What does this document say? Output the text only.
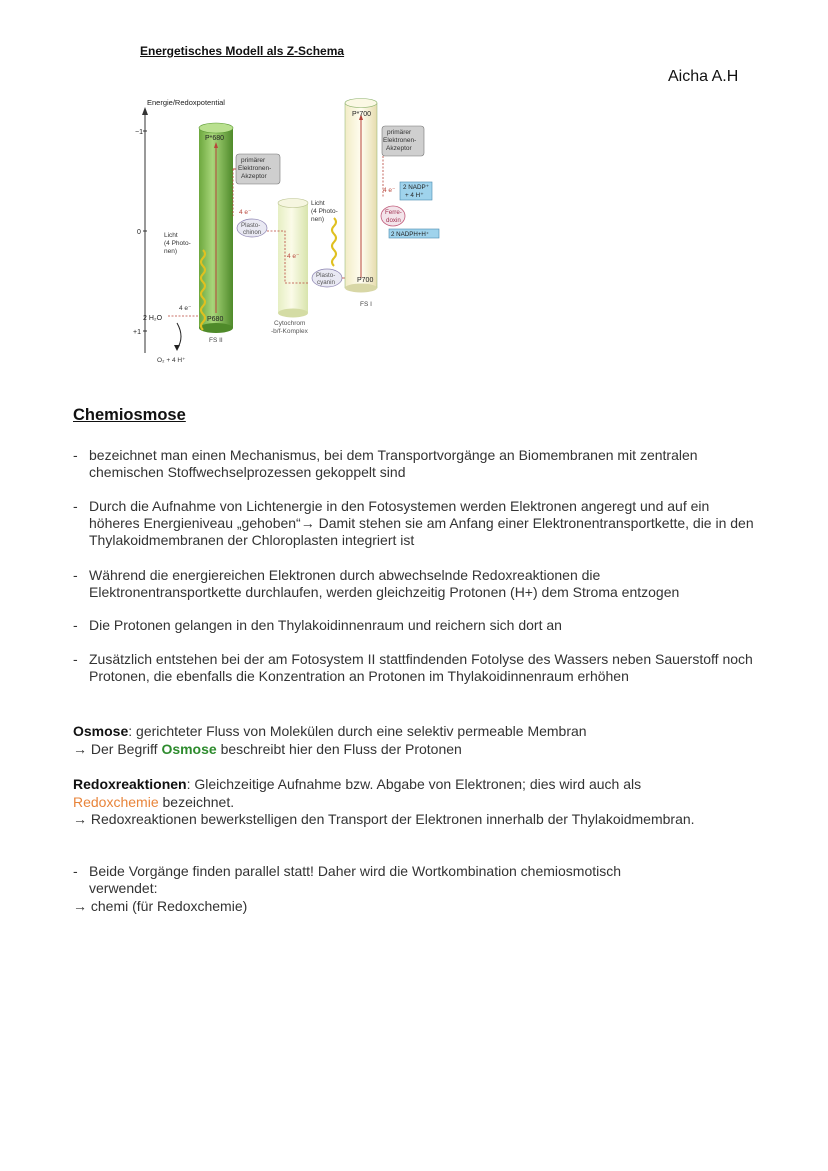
Energetisches Modell als Z-Schema
Aicha A.H
Energie/Redoxpotential
−1
0
+1
P*680
P680
FS II
primärer Elektronen- Akzeptor
Licht (4 Photo- nen)
4 e⁻
2 H₂O
O₂ + 4 H⁺
4 e⁻
Plasto- chinon
4 e⁻
Cytochrom -b/f-Komplex
Plasto- cyanin
Licht (4 Photo- nen)
P*700
P700
FS I
primärer Elektronen- Akzeptor
4 e⁻ 2 NADP⁺ + 4 H⁺
Ferre- doxin
2 NADPH+H⁺
Chemiosmose
- bezeichnet man einen Mechanismus, bei dem Transportvorgänge an Biomembranen mit zentralen chemischen Stoffwechselprozessen gekoppelt sind
- Durch die Aufnahme von Lichtenergie in den Fotosystemen werden Elektronen angeregt und auf ein höheres Energieniveau „gehoben“→ Damit stehen sie am Anfang einer Elektronentransportkette, die in den Thylakoidmembranen der Chloroplasten integriert ist
- Während die energiereichen Elektronen durch abwechselnde Redoxreaktionen die Elektronentransportkette durchlaufen, werden gleichzeitig Protonen (H+) dem Stroma entzogen
- Die Protonen gelangen in den Thylakoidinnenraum und reichern sich dort an
- Zusätzlich entstehen bei der am Fotosystem II stattfindenden Fotolyse des Wassers neben Sauerstoff noch Protonen, die ebenfalls die Konzentration an Protonen im Thylakoidinnenraum erhöhen
Osmose: gerichteter Fluss von Molekülen durch eine selektiv permeable Membran
→ Der Begriff Osmose beschreibt hier den Fluss der Protonen
Redoxreaktionen: Gleichzeitige Aufnahme bzw. Abgabe von Elektronen; dies wird auch als
Redoxchemie bezeichnet.
→ Redoxreaktionen bewerkstelligen den Transport der Elektronen innerhalb der Thylakoidmembran.
- Beide Vorgänge finden parallel statt! Daher wird die Wortkombination chemiosmotisch verwendet:
→ chemi (für Redoxchemie)
